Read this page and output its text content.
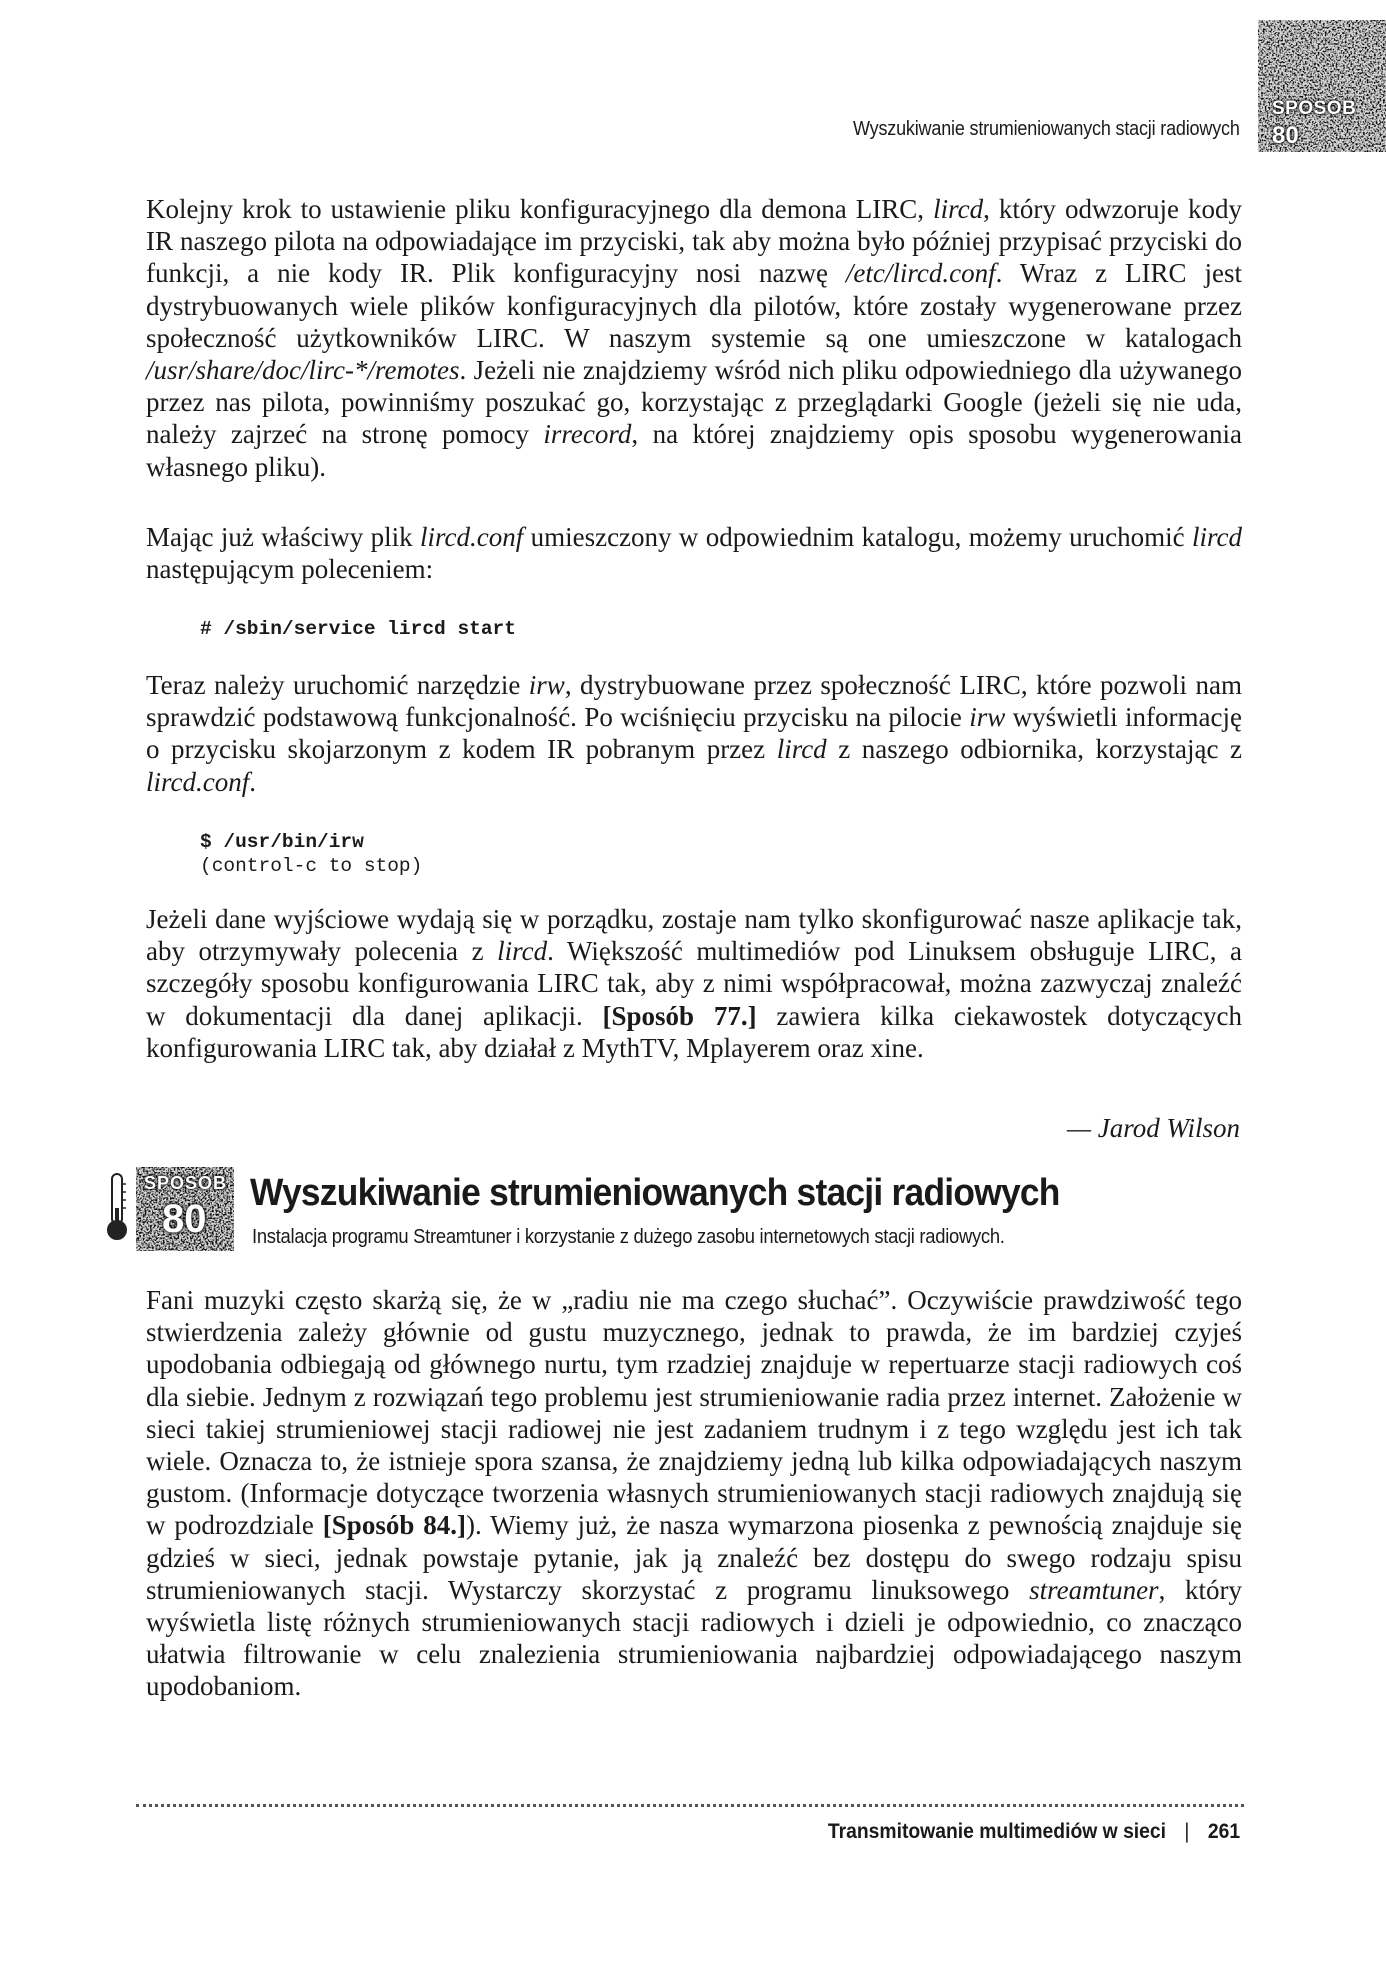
Wyszukiwanie strumieniowanych stacji radiowych
SPOSÓB
80
Kolejny krok to ustawienie pliku konfiguracyjnego dla demona LIRC, lircd, który odwzoruje kody IR naszego pilota na odpowiadające im przyciski, tak aby można było później przypisać przyciski do funkcji, a nie kody IR. Plik konfiguracyjny nosi nazwę /etc/lircd.conf. Wraz z LIRC jest dystrybuowanych wiele plików konfiguracyjnych dla pilotów, które zostały wygenerowane przez społeczność użytkowników LIRC. W naszym systemie są one umieszczone w katalogach /usr/share/doc/lirc-*/remotes. Jeżeli nie znajdziemy wśród nich pliku odpowiedniego dla używanego przez nas pilota, powinniśmy poszukać go, korzystając z przeglądarki Google (jeżeli się nie uda, należy zajrzeć na stronę pomocy irrecord, na której znajdziemy opis sposobu wygenerowania własnego pliku).
Mając już właściwy plik lircd.conf umieszczony w odpowiednim katalogu, możemy uruchomić lircd następującym poleceniem:
# /sbin/service lircd start
Teraz należy uruchomić narzędzie irw, dystrybuowane przez społeczność LIRC, które pozwoli nam sprawdzić podstawową funkcjonalność. Po wciśnięciu przycisku na pilocie irw wyświetli informację o przycisku skojarzonym z kodem IR pobranym przez lircd z naszego odbiornika, korzystając z lircd.conf.
$ /usr/bin/irw
(control-c to stop)
Jeżeli dane wyjściowe wydają się w porządku, zostaje nam tylko skonfigurować nasze aplikacje tak, aby otrzymywały polecenia z lircd. Większość multimediów pod Linuksem obsługuje LIRC, a szczegóły sposobu konfigurowania LIRC tak, aby z nimi współpracował, można zazwyczaj znaleźć w dokumentacji dla danej aplikacji. [Sposób 77.] zawiera kilka ciekawostek dotyczących konfigurowania LIRC tak, aby działał z MythTV, Mplayerem oraz xine.
— Jarod Wilson
SPOSÓB
80
Wyszukiwanie strumieniowanych stacji radiowych
Instalacja programu Streamtuner i korzystanie z dużego zasobu internetowych stacji radiowych.
Fani muzyki często skarżą się, że w „radiu nie ma czego słuchać”. Oczywiście prawdziwość tego stwierdzenia zależy głównie od gustu muzycznego, jednak to prawda, że im bardziej czyjeś upodobania odbiegają od głównego nurtu, tym rzadziej znajduje w repertuarze stacji radiowych coś dla siebie. Jednym z rozwiązań tego problemu jest strumieniowanie radia przez internet. Założenie w sieci takiej strumieniowej stacji radiowej nie jest zadaniem trudnym i z tego względu jest ich tak wiele. Oznacza to, że istnieje spora szansa, że znajdziemy jedną lub kilka odpowiadających naszym gustom. (Informacje dotyczące tworzenia własnych strumieniowanych stacji radiowych znajdują się w podrozdziale [Sposób 84.]). Wiemy już, że nasza wymarzona piosenka z pewnością znajduje się gdzieś w sieci, jednak powstaje pytanie, jak ją znaleźć bez dostępu do swego rodzaju spisu strumieniowanych stacji. Wystarczy skorzystać z programu linuksowego streamtuner, który wyświetla listę różnych strumieniowanych stacji radiowych i dzieli je odpowiednio, co znacząco ułatwia filtrowanie w celu znalezienia strumieniowania najbardziej odpowiadającego naszym upodobaniom.
Transmitowanie multimediów w sieci | 261
